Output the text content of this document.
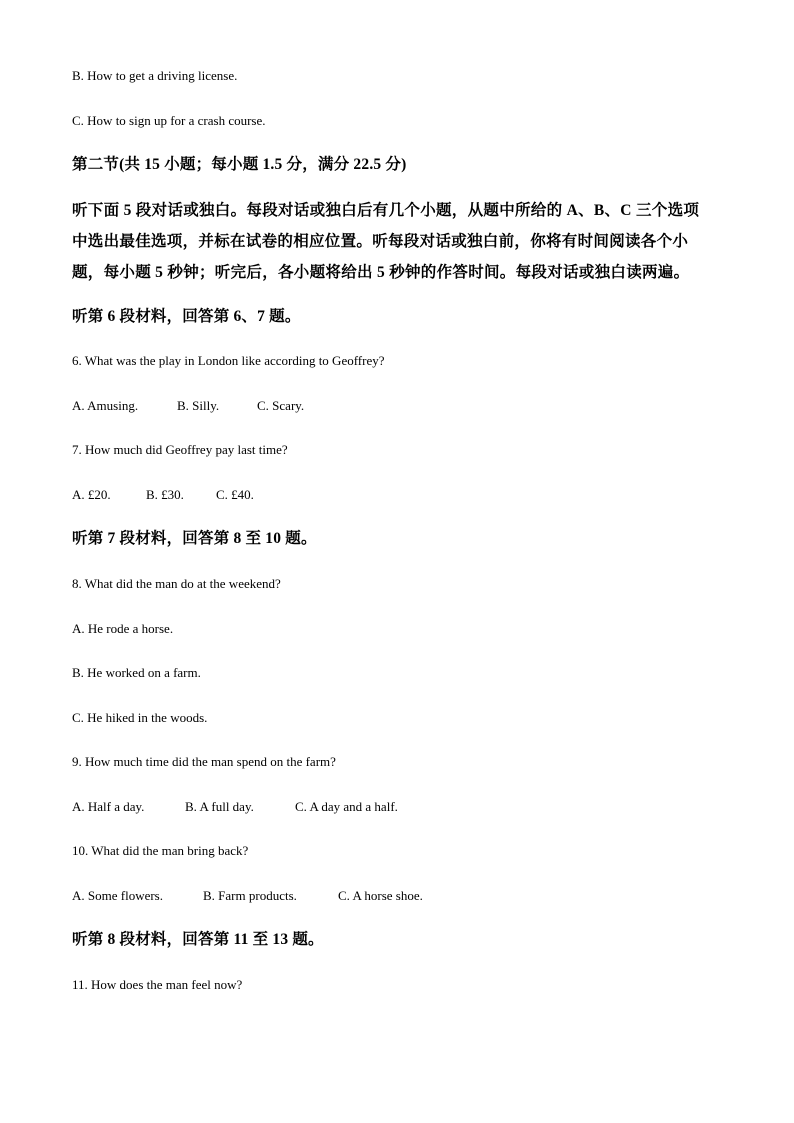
B. How to get a driving license.
C. How to sign up for a crash course.
第二节(共 15 小题；每小题 1.5 分，满分 22.5 分)
听下面 5 段对话或独白。每段对话或独白后有几个小题，从题中所给的 A、B、C 三个选项
中选出最佳选项，并标在试卷的相应位置。听每段对话或独白前，你将有时间阅读各个小
题，每小题 5 秒钟；听完后，各小题将给出 5 秒钟的作答时间。每段对话或独白读两遍。
听第 6 段材料，回答第 6、7 题。
6. What was the play in London like according to Geoffrey?
A. Amusing.	B. Silly.	C. Scary.
7. How much did Geoffrey pay last time?
A. £20.	B. £30. C. £40.
听第 7 段材料，回答第 8 至 10 题。
8. What did the man do at the weekend?
A. He rode a horse.
B. He worked on a farm.
C. He hiked in the woods.
9. How much time did the man spend on the farm?
A. Half a day.	B. A full day.	C. A day and a half.
10. What did the man bring back?
A. Some flowers.	B. Farm products.	C. A horse shoe.
听第 8 段材料，回答第 11 至 13 题。
11. How does the man feel now?
